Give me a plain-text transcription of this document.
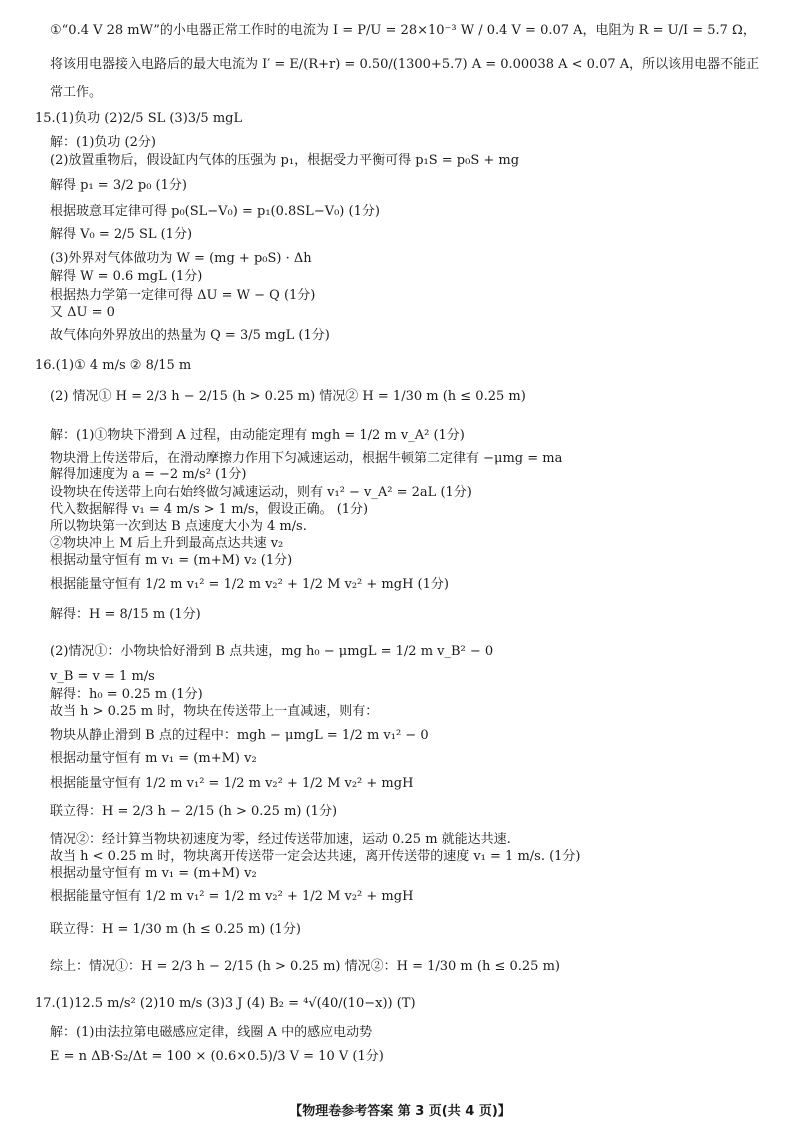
①“0.4 V 28 mW”的小电器正常工作时的电流为 I = P/U = 28×10⁻³ W / 0.4 V = 0.07 A，电阻为 R = U/I = 5.7 Ω，
将该用电器接入电路后的最大电流为 I′ = E/(R+r) = 0.50/(1300+5.7) A = 0.00038 A < 0.07 A，所以该用电器不能正
常工作。
15.(1)负功 (2)2/5 SL (3)3/5 mgL
解：(1)负功 (2分)
(2)放置重物后，假设缸内气体的压强为 p₁，根据受力平衡可得 p₁S = p₀S + mg
解得 p₁ = 3/2 p₀ (1分)
根据玻意耳定律可得 p₀(SL−V₀) = p₁(0.8SL−V₀) (1分)
解得 V₀ = 2/5 SL (1分)
(3)外界对气体做功为 W = (mg + p₀S) · Δh
解得 W = 0.6 mgL (1分)
根据热力学第一定律可得 ΔU = W − Q (1分)
又 ΔU = 0
故气体向外界放出的热量为 Q = 3/5 mgL (1分)
16.(1)① 4 m/s ② 8/15 m
(2) 情况① H = 2/3 h − 2/15 (h > 0.25 m) 情况② H = 1/30 m (h ≤ 0.25 m)
解：(1)①物块下滑到 A 过程，由动能定理有 mgh = 1/2 m v_A² (1分)
物块滑上传送带后，在滑动摩擦力作用下匀减速运动，根据牛顿第二定律有 −μmg = ma
解得加速度为 a = −2 m/s² (1分)
设物块在传送带上向右始终做匀减速运动，则有 v₁² − v_A² = 2aL (1分)
代入数据解得 v₁ = 4 m/s > 1 m/s，假设正确。 (1分)
所以物块第一次到达 B 点速度大小为 4 m/s.
②物块冲上 M 后上升到最高点达共速 v₂
根据动量守恒有 m v₁ = (m+M) v₂ (1分)
根据能量守恒有 1/2 m v₁² = 1/2 m v₂² + 1/2 M v₂² + mgH (1分)
解得：H = 8/15 m (1分)
(2)情况①：小物块恰好滑到 B 点共速，mg h₀ − μmgL = 1/2 m v_B² − 0
v_B = v = 1 m/s
解得：h₀ = 0.25 m (1分)
故当 h > 0.25 m 时，物块在传送带上一直减速，则有：
物块从静止滑到 B 点的过程中：mgh − μmgL = 1/2 m v₁² − 0
根据动量守恒有 m v₁ = (m+M) v₂
根据能量守恒有 1/2 m v₁² = 1/2 m v₂² + 1/2 M v₂² + mgH
联立得：H = 2/3 h − 2/15 (h > 0.25 m) (1分)
情况②：经计算当物块初速度为零，经过传送带加速，运动 0.25 m 就能达共速.
故当 h < 0.25 m 时，物块离开传送带一定会达共速，离开传送带的速度 v₁ = 1 m/s. (1分)
根据动量守恒有 m v₁ = (m+M) v₂
根据能量守恒有 1/2 m v₁² = 1/2 m v₂² + 1/2 M v₂² + mgH
联立得：H = 1/30 m (h ≤ 0.25 m) (1分)
综上：情况①：H = 2/3 h − 2/15 (h > 0.25 m) 情况②：H = 1/30 m (h ≤ 0.25 m)
17.(1)12.5 m/s² (2)10 m/s (3)3 J (4) B₂ = ⁴√(40/(10−x)) (T)
解：(1)由法拉第电磁感应定律，线圈 A 中的感应电动势
E = n ΔB·S₂/Δt = 100 × (0.6×0.5)/3 V = 10 V (1分)
【物理卷参考答案 第 3 页(共 4 页)】
